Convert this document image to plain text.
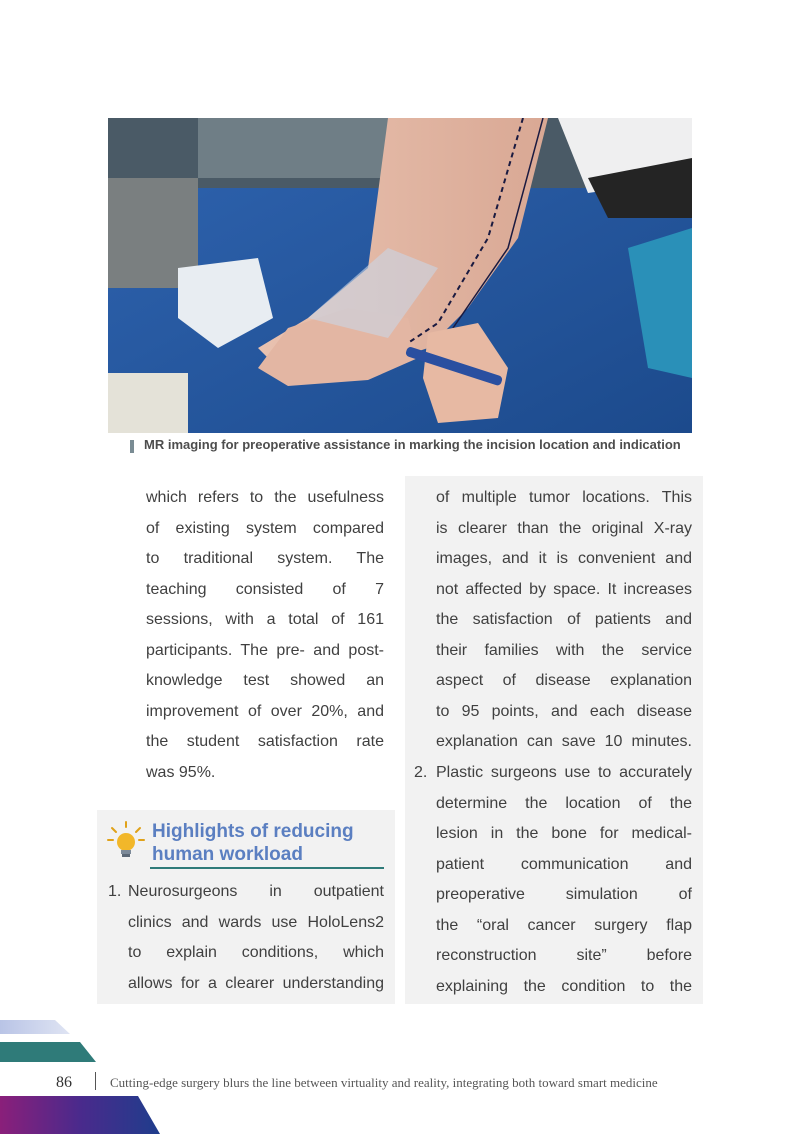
MR imaging for preoperative assistance in marking the incision location and indication
which refers to the usefulness
of existing system compared
to traditional system. The
teaching consisted of 7
sessions, with a total of 161
participants. The pre- and post-
knowledge test showed an
improvement of over 20%, and
the student satisfaction rate
was 95%.
Highlights of reducing
human workload
1. Neurosurgeons in outpatient
clinics and wards use HoloLens2
to explain conditions, which
allows for a clearer understanding
of multiple tumor locations. This
is clearer than the original X-ray
images, and it is convenient and
not affected by space. It increases
the satisfaction of patients and
their families with the service
aspect of disease explanation
to 95 points, and each disease
explanation can save 10 minutes.
2. Plastic surgeons use to accurately
determine the location of the
lesion in the bone for medical-
patient communication and
preoperative simulation of
the “oral cancer surgery flap
reconstruction site” before
explaining the condition to the
86	Cutting-edge surgery blurs the line between virtuality and reality, integrating both toward smart medicine
